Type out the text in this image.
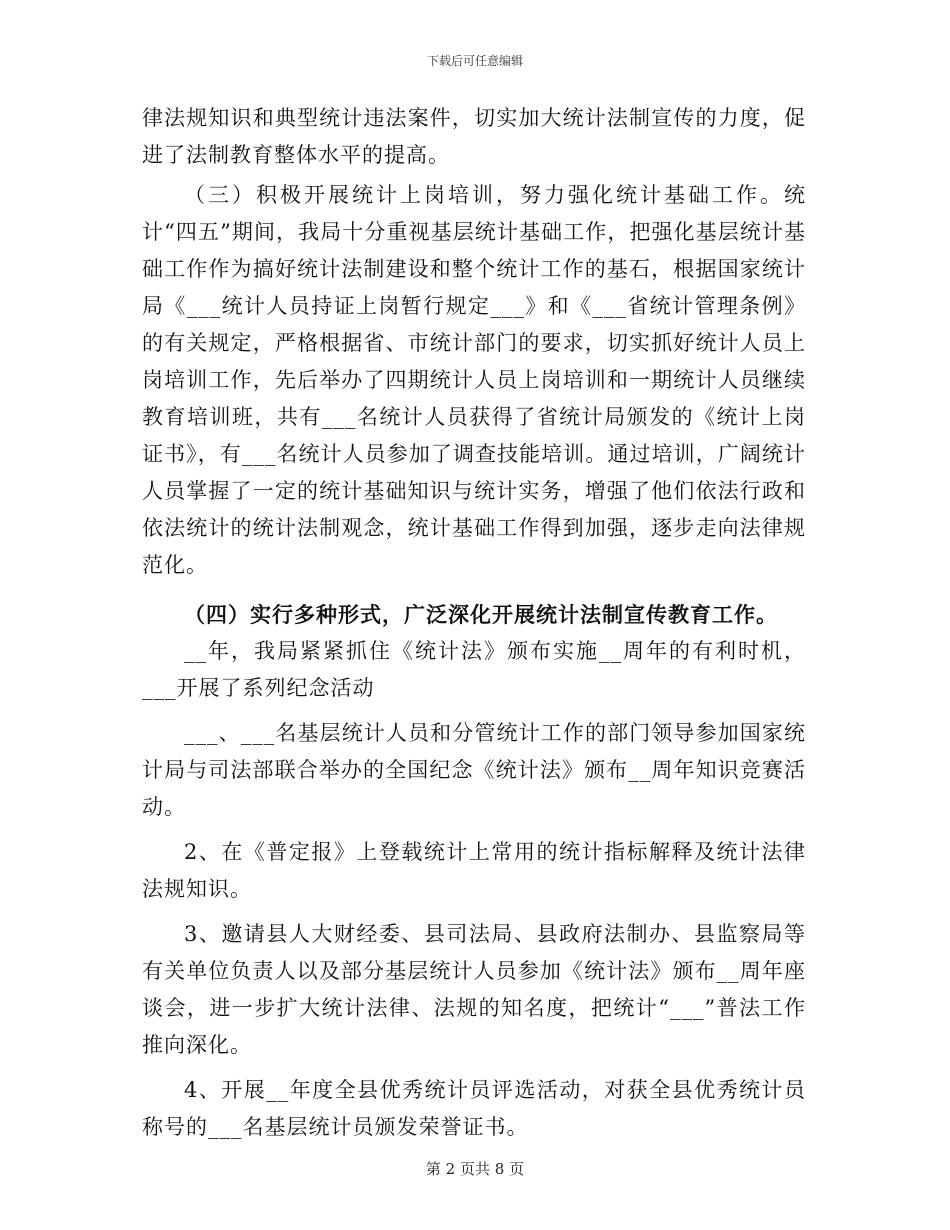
下载后可任意编辑

律法规知识和典型统计违法案件，切实加大统计法制宣传的力度，促进了法制教育整体水平的提高。

（三）积极开展统计上岗培训，努力强化统计基础工作。统计“四五”期间，我局十分重视基层统计基础工作，把强化基层统计基础工作作为搞好统计法制建设和整个统计工作的基石，根据国家统计局《___统计人员持证上岗暂行规定___》和《___省统计管理条例》的有关规定，严格根据省、市统计部门的要求，切实抓好统计人员上岗培训工作，先后举办了四期统计人员上岗培训和一期统计人员继续教育培训班，共有___名统计人员获得了省统计局颁发的《统计上岗证书》，有___名统计人员参加了调查技能培训。通过培训，广阔统计人员掌握了一定的统计基础知识与统计实务，增强了他们依法行政和依法统计的统计法制观念，统计基础工作得到加强，逐步走向法律规范化。

（四）实行多种形式，广泛深化开展统计法制宣传教育工作。

__年，我局紧紧抓住《统计法》颁布实施__周年的有利时机，___开展了系列纪念活动

___、___名基层统计人员和分管统计工作的部门领导参加国家统计局与司法部联合举办的全国纪念《统计法》颁布__周年知识竞赛活动。

2、在《普定报》上登载统计上常用的统计指标解释及统计法律法规知识。

3、邀请县人大财经委、县司法局、县政府法制办、县监察局等有关单位负责人以及部分基层统计人员参加《统计法》颁布__周年座谈会，进一步扩大统计法律、法规的知名度，把统计“___”普法工作推向深化。

4、开展__年度全县优秀统计员评选活动，对获全县优秀统计员称号的___名基层统计员颁发荣誉证书。

第 2 页共 8 页
